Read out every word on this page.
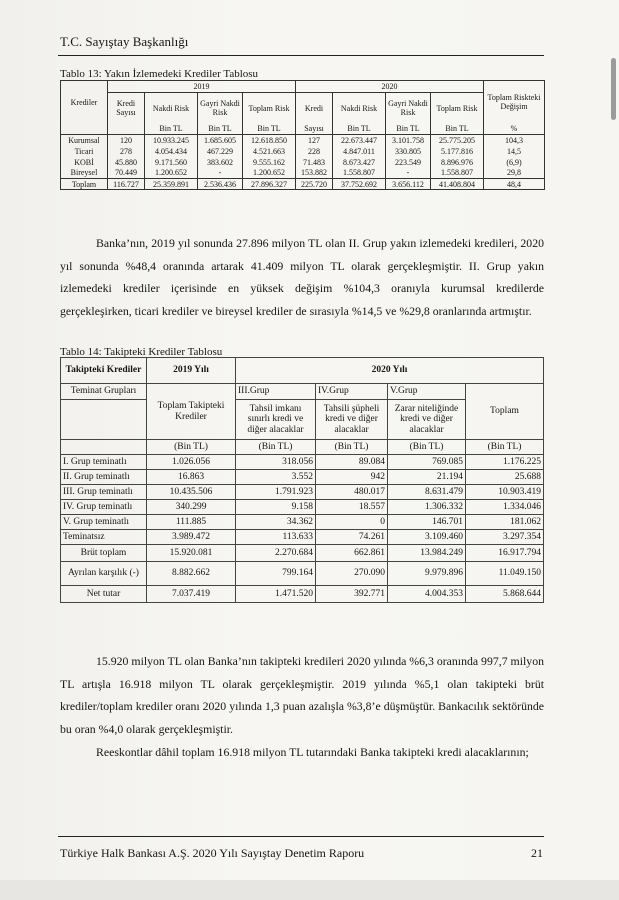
T.C. Sayıştay Başkanlığı
Tablo 13: Yakın İzlemedeki Krediler Tablosu
Krediler	2019				2020				Toplam Riskteki Değişim
	Kredi Sayısı	Nakdi Risk	Gayri Nakdi Risk	Toplam Risk	Kredi	Nakdi Risk	Gayri Nakdi Risk	Toplam Risk	
		Bin TL	Bin TL	Bin TL	Sayısı	Bin TL	Bin TL	Bin TL	%
Kurumsal	120	10.933.245	1.685.605	12.618.850	127	22.673.447	3.101.758	25.775.205	104,3
Ticari	278	4.054.434	467.229	4.521.663	228	4.847.011	330.805	5.177.816	14,5
KOBİ	45.880	9.171.560	383.602	9.555.162	71.483	8.673.427	223.549	8.896.976	(6,9)
Bireysel	70.449	1.200.652	-	1.200.652	153.882	1.558.807	-	1.558.807	29,8
Toplam	116.727	25.359.891	2.536.436	27.896.327	225.720	37.752.692	3.656.112	41.408.804	48,4
Banka’nın, 2019 yıl sonunda 27.896 milyon TL olan II. Grup yakın izlemedeki kredileri, 2020 yıl sonunda %48,4 oranında artarak 41.409 milyon TL olarak gerçekleşmiştir. II. Grup yakın izlemedeki krediler içerisinde en yüksek değişim %104,3 oranıyla kurumsal kredilerde gerçekleşirken, ticari krediler ve bireysel krediler de sırasıyla %14,5 ve %29,8 oranlarında artmıştır.
Tablo 14: Takipteki Krediler Tablosu
Takipteki Krediler	2019 Yılı	2020 Yılı			
Teminat Grupları	Toplam Takipteki Krediler	III.Grup	IV.Grup	V.Grup	Toplam
		Tahsil imkanı sınırlı kredi ve diğer alacaklar	Tahsili şüpheli kredi ve diğer alacaklar	Zarar niteliğinde kredi ve diğer alacaklar	
	(Bin TL)	(Bin TL)	(Bin TL)	(Bin TL)	(Bin TL)
I. Grup teminatlı	1.026.056	318.056	89.084	769.085	1.176.225
II. Grup teminatlı	16.863	3.552	942	21.194	25.688
III. Grup teminatlı	10.435.506	1.791.923	480.017	8.631.479	10.903.419
IV. Grup teminatlı	340.299	9.158	18.557	1.306.332	1.334.046
V. Grup teminatlı	111.885	34.362	0	146.701	181.062
Teminatsız	3.989.472	113.633	74.261	3.109.460	3.297.354
Brüt toplam	15.920.081	2.270.684	662.861	13.984.249	16.917.794
Ayrılan karşılık (-)	8.882.662	799.164	270.090	9.979.896	11.049.150
Net tutar	7.037.419	1.471.520	392.771	4.004.353	5.868.644
15.920 milyon TL olan Banka’nın takipteki kredileri 2020 yılında %6,3 oranında 997,7 milyon TL artışla 16.918 milyon TL olarak gerçekleşmiştir. 2019 yılında %5,1 olan takipteki brüt krediler/toplam krediler oranı 2020 yılında 1,3 puan azalışla %3,8’e düşmüştür. Bankacılık sektöründe bu oran %4,0 olarak gerçekleşmiştir.
Reeskontlar dâhil toplam 16.918 milyon TL tutarındaki Banka takipteki kredi alacaklarının;
Türkiye Halk Bankası A.Ş. 2020 Yılı Sayıştay Denetim Raporu	21
